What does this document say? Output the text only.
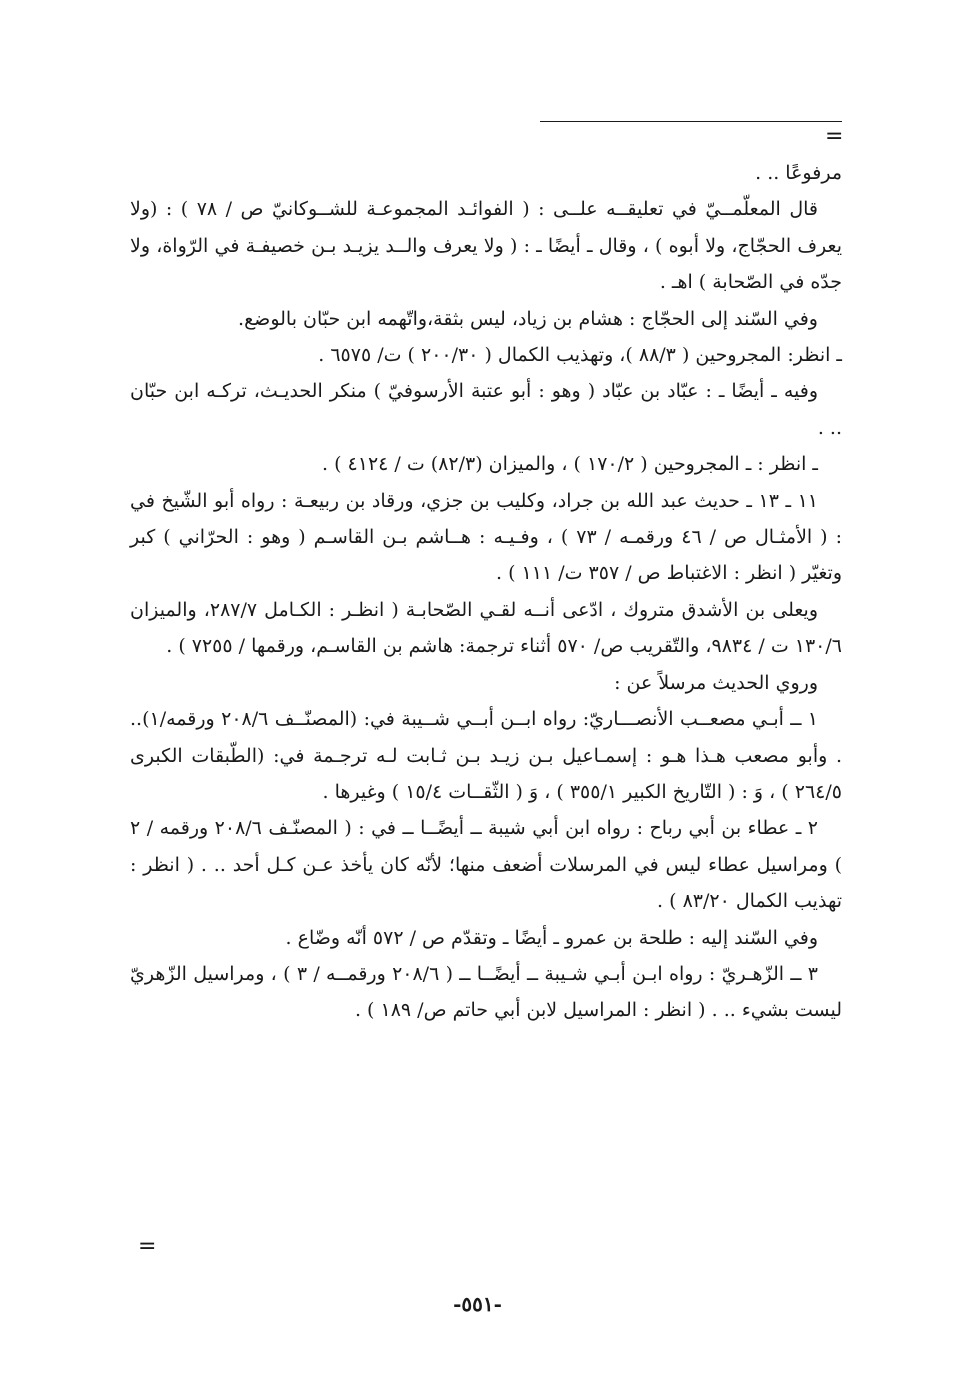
=

مرفوعًا .. .

قال المعلّمــيّ في تعليقــه علــى : ( الفوائـد المجموعـة للشــوكانيّ ص / ٧٨ ) : (ولا يعرف الحجّاج، ولا أبوه ) ، وقال ـ أيضًا ـ : ( ولا يعرف والــد يزيـد بـن خصيفـة في الرّواة، ولا جدّه في الصّحابة ) اهـ .

وفي السّند إلى الحجّاج : هشام بن زياد، ليس بثقة،واتّهمه ابن حبّان بالوضع.

ـ انظر: المجروحين ( ٨٨/٣ )، وتهذيب الكمال ( ٢٠٠/٣٠ ) ت/ ٦٥٧٥ .

وفيه ـ أيضًا ـ : عبّاد بن عبّاد ( وهو : أبو عتبة الأرسوفيّ ) منكر الحديـث، تركـه ابن حبّان .. .

ـ انظر : ـ المجروحين ( ١٧٠/٢ ) ، والميزان (٨٢/٣) ت / ٤١٢٤ ) .

١١ ـ ١٣ ـ حديث عبد الله بن جراد، وكليب بن جزي، ورقاد بن ربيعـة : رواه أبو الشّيخ في : ( الأمثـال ص / ٤٦ ورقمـه / ٧٣ ) ، وفـيـه : هــاشم بـن القاسـم ( وهو : الحرّاني ) كبر وتغيّر ( انظر : الاغتباط ص / ٣٥٧ ت/ ١١١ ) .

ويعلى بن الأشدق متروك ، ادّعى أنــه لقـي الصّحابـة ( انظـر : الكـامل ٢٨٧/٧، والميزان ١٣٠/٦ ت / ٩٨٣٤، والتّقريب ص/ ٥٧٠ أثناء ترجمة: هاشم بن القاسـم، ورقمها / ٧٢٥٥ ) .

وروي الحديث مرسلاً عن :

١ ــ أبـي مصعــب الأنصـــاريّ: رواه ابــن أبــي شــيبة في: (المصنّــف ٢٠٨/٦ ورقمه/١).. . وأبو مصعب هـذا هـو : إسمـاعيل بـن زيـد بـن ثـابت لـه ترجـمة في: (الطّبقات الكبرى ٢٦٤/٥ ) ، وَ : ( التّاريخ الكبير ٣٥٥/١ ) ، وَ ( الثّقــات ١٥/٤ ) وغيرها .

٢ ـ عطاء بن أبي رباح : رواه ابن أبي شيبة ــ أيضًــا ــ في : ( المصنّـف ٢٠٨/٦ ورقمه / ٢ ) ومراسيل عطاء ليس في المرسلات أضعف منها؛ لأنّه كان يأخذ عـن كـل أحد .. . ( انظر : تهذيب الكمال ٨٣/٢٠ ) .

وفي السّند إليه : طلحة بن عمرو ـ أيضًا ـ وتقدّم ص / ٥٧٢ أنّه وضّاع .

٣ ــ الزّهـريّ : رواه ابـن أبـي شـيبة ــ أيضًــا ــ ( ٢٠٨/٦ ورقمــه / ٣ ) ، ومراسيل الزّهريّ ليست بشيء .. . ( انظر : المراسيل لابن أبي حاتم ص/ ١٨٩ ) .

=
-٥٥١-
